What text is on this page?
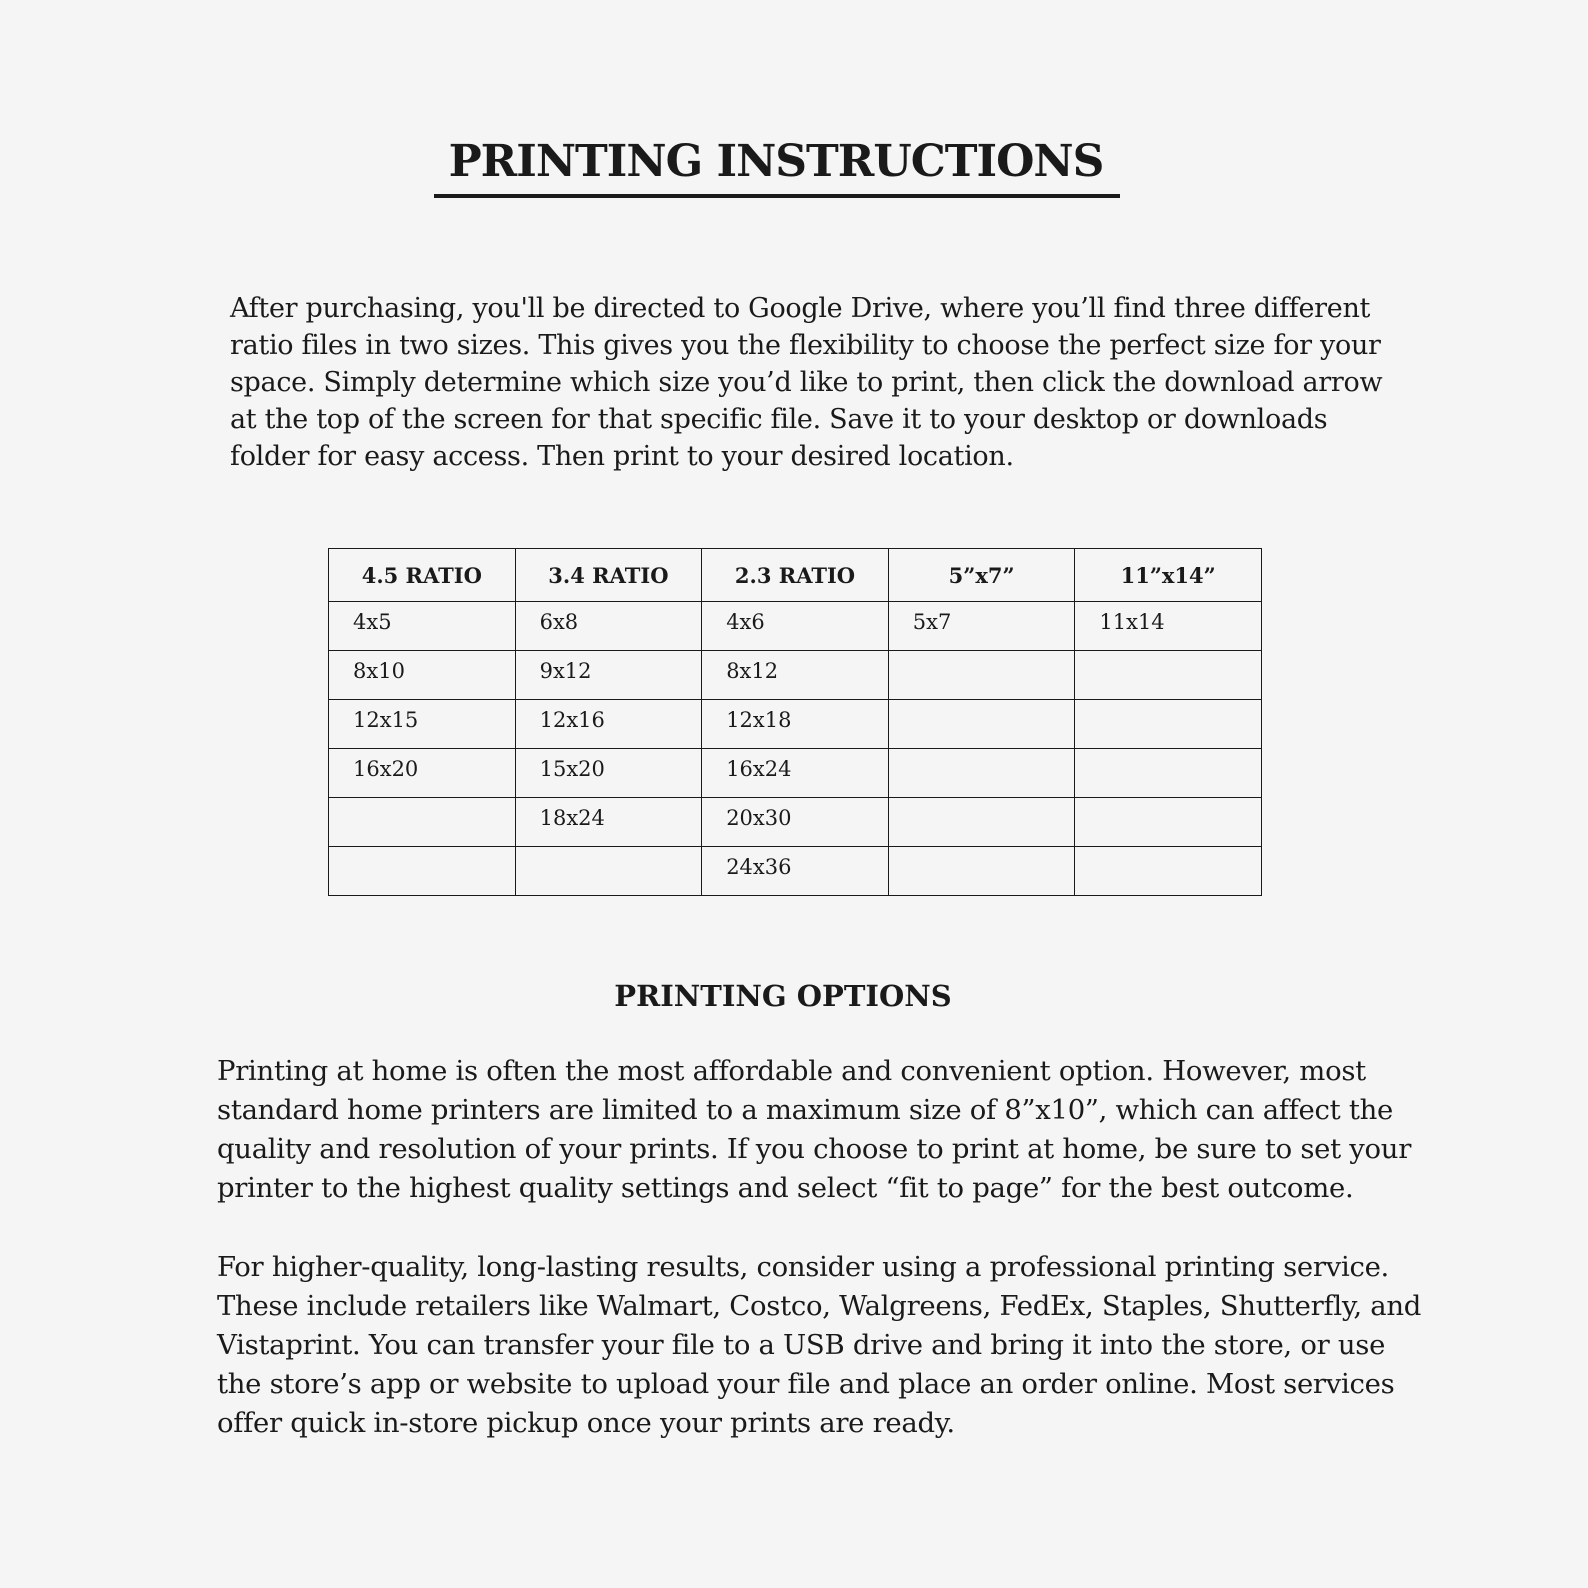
PRINTING INSTRUCTIONS

After purchasing, you'll be directed to Google Drive, where you’ll find three different ratio files in two sizes. This gives you the flexibility to choose the perfect size for your space. Simply determine which size you’d like to print, then click the download arrow at the top of the screen for that specific file. Save it to your desktop or downloads folder for easy access. Then print to your desired location.

4.5 RATIO	3.4 RATIO	2.3 RATIO	5”x7”	11”x14”
4x5	6x8	4x6	5x7	11x14
8x10	9x12	8x12		
12x15	12x16	12x18		
16x20	15x20	16x24		
	18x24	20x30		
		24x36		
PRINTING OPTIONS

Printing at home is often the most affordable and convenient option. However, most standard home printers are limited to a maximum size of 8”x10”, which can affect the quality and resolution of your prints. If you choose to print at home, be sure to set your printer to the highest quality settings and select “fit to page” for the best outcome.

For higher-quality, long-lasting results, consider using a professional printing service. These include retailers like Walmart, Costco, Walgreens, FedEx, Staples, Shutterfly, and Vistaprint. You can transfer your file to a USB drive and bring it into the store, or use the store’s app or website to upload your file and place an order online. Most services offer quick in-store pickup once your prints are ready.
